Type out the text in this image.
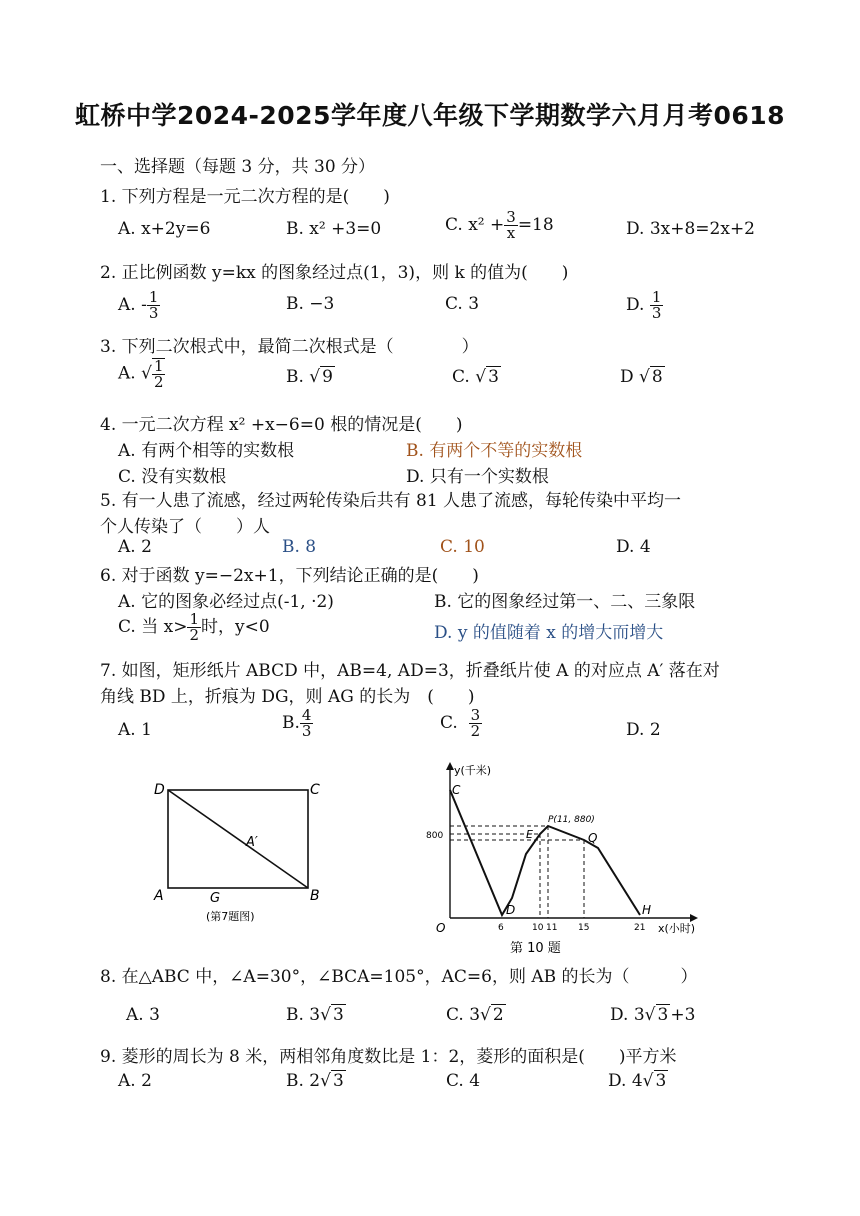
虹桥中学2024-2025学年度八年级下学期数学六月月考0618
一、选择题（每题 3 分，共 30 分）
1. 下列方程是一元二次方程的是(　　)
A. x+2y=6	B. x² +3=0	C. $x^2 + \frac{3}{x} =18$	D. 3x+8=2x+2
2. 正比例函数 y=kx 的图象经过点(1，3)，则 k 的值为(　　)
A. - $\frac{1}{3}$	B. −3	C. 3	D. $\frac{1}{3}$
3. 下列二次根式中，最简二次根式是（　　　　）
A. √ $\frac{1}{2}$	B. √ 9	C. √ 3	D √ 8
4. 一元二次方程 x² +x−6=0 根的情况是(　　)
A. 有两个相等的实数根	B. 有两个不等的实数根
C. 没有实数根	D. 只有一个实数根
5. 有一人患了流感，经过两轮传染后共有 81 人患了流感，每轮传染中平均一
个人传染了（　　）人
A. 2	B. 8	C. 10	D. 4
6. 对于函数 y=−2x+1，下列结论正确的是(　　)
A. 它的图象必经过点(-1, ·2)	B. 它的图象经过第一、二、三象限
C. 当 $x> \frac{1}{2}$ 时，y<0	D. y 的值随着 x 的增大而增大
7. 如图，矩形纸片 ABCD 中，AB=4, AD=3，折叠纸片使 A 的对应点 A′ 落在对
角线 BD 上，折痕为 DG，则 AG 的长为　(　　)
A. 1	B. $\frac{4}{3}$	C. $\frac{3}{2}$	D. 2
D	C
A	B
G
A′
(第7题图)
y(千米)
x(小时)
O
C
D
E
P(11, 880)
Q
H
800
6	10 11 15	21
第 10 题
8. 在△ABC 中，∠A=30°，∠BCA=105°，AC=6，则 AB 的长为（　　　）
A. 3	B. 3√ 3	C. 3√ 2	D. 3√ 3 +3
9. 菱形的周长为 8 米，两相邻角度数比是 1：2，菱形的面积是(　　)平方米
A. 2	B. 2√ 3	C. 4	D. 4√ 3
